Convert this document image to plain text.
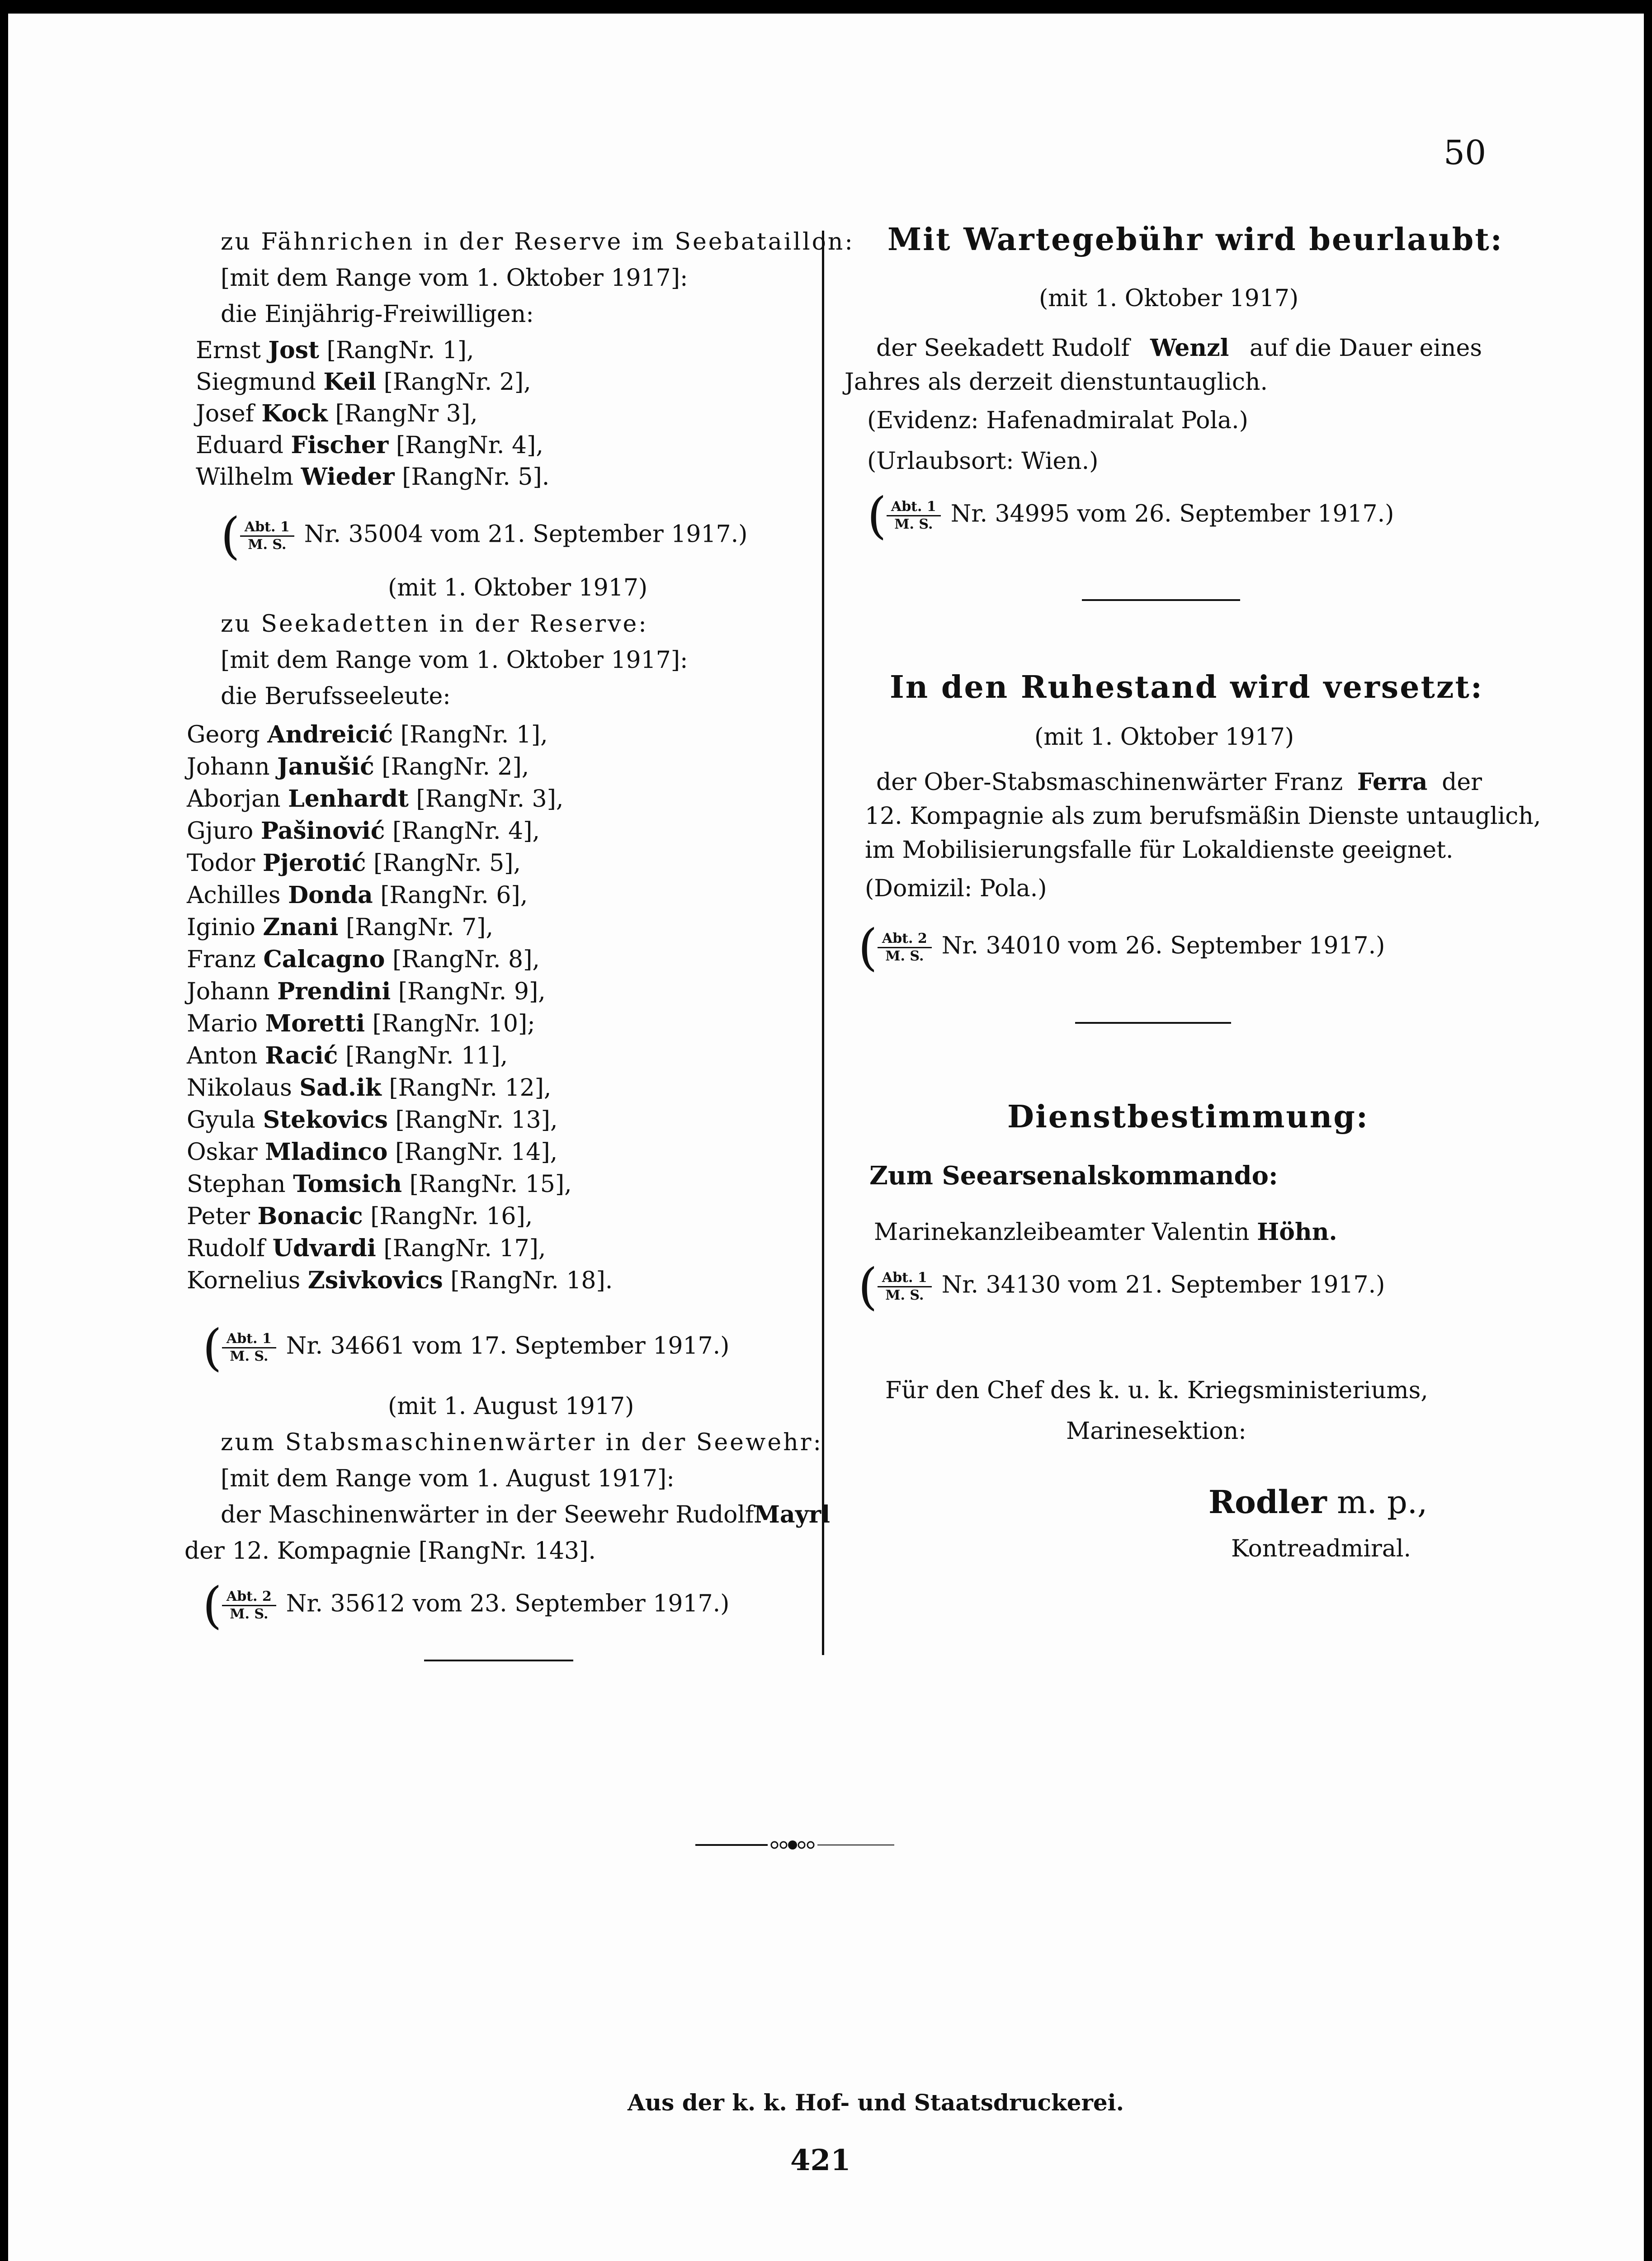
50
zu Fähnrichen in der Reserve im Seebataillon:
[mit dem Range vom 1. Oktober 1917]:
die Einjährig-Freiwilligen:
Ernst Jost [RangNr. 1],
Siegmund Keil [RangNr. 2],
Josef Kock [RangNr 3],
Eduard Fischer [RangNr. 4],
Wilhelm Wieder [RangNr. 5].
( $\frac{\text{Abt. 1}}{M. S.} Nr$. 35004 vom 21. September 1917.)
(mit 1. Oktober 1917)
zu Seekadetten in der Reserve:
[mit dem Range vom 1. Oktober 1917]:
die Berufsseeleute:
Georg Andreicić [RangNr. 1],
Johann Janušić [RangNr. 2],
Aborjan Lenhardt [RangNr. 3],
Gjuro Pašinović [RangNr. 4],
Todor Pjerotić [RangNr. 5],
Achilles Donda [RangNr. 6],
Iginio Znani [RangNr. 7],
Franz Calcagno [RangNr. 8],
Johann Prendini [RangNr. 9],
Mario Moretti [RangNr. 10];
Anton Racić [RangNr. 11],
Nikolaus Sad.ik [RangNr. 12],
Gyula Stekovics [RangNr. 13],
Oskar Mladinco [RangNr. 14],
Stephan Tomsich [RangNr. 15],
Peter Bonacic [RangNr. 16],
Rudolf Udvardi [RangNr. 17],
Kornelius Zsivkovics [RangNr. 18].
( $\frac{\text{Abt. 1}}{M. S.} Nr$. 34661 vom 17. September 1917.)
(mit 1. August 1917)
zum Stabsmaschinenwärter in der Seewehr:
[mit dem Range vom 1. August 1917]:
der Maschinenwärter in der Seewehr Rudolf Mayrl
der 12. Kompagnie [RangNr. 143].
( $\frac{\text{Abt. 2}}{M. S.} Nr$. 35612 vom 23. September 1917.)
Mit Wartegebühr wird beurlaubt:
(mit 1. Oktober 1917)
der Seekadett Rudolf Wenzl auf die Dauer eines
Jahres als derzeit dienstuntauglich.
(Evidenz: Hafenadmiralat Pola.)
(Urlaubsort: Wien.)
( $\frac{\text{Abt. 1}}{M. S.} Nr$. 34995 vom 26. September 1917.)
In den Ruhestand wird versetzt:
(mit 1. Oktober 1917)
der Ober-Stabsmaschinenwärter Franz Ferra der
12. Kompagnie als zum berufsmäßin Dienste untauglich,
im Mobilisierungsfalle für Lokaldienste geeignet.
(Domizil: Pola.)
( $\frac{\text{Abt. 2}}{M. S.} Nr$. 34010 vom 26. September 1917.)
Dienstbestimmung:
Zum Seearsenalskommando:
Marinekanzleibeamter Valentin Höhn.
( $\frac{\text{Abt. 1}}{M. S.} Nr$. 34130 vom 21. September 1917.)
Für den Chef des k. u. k. Kriegsministeriums,
Marinesektion:
Rodler m. p.,
Kontreadmiral.
Aus der k. k. Hof- und Staatsdruckerei.
421
